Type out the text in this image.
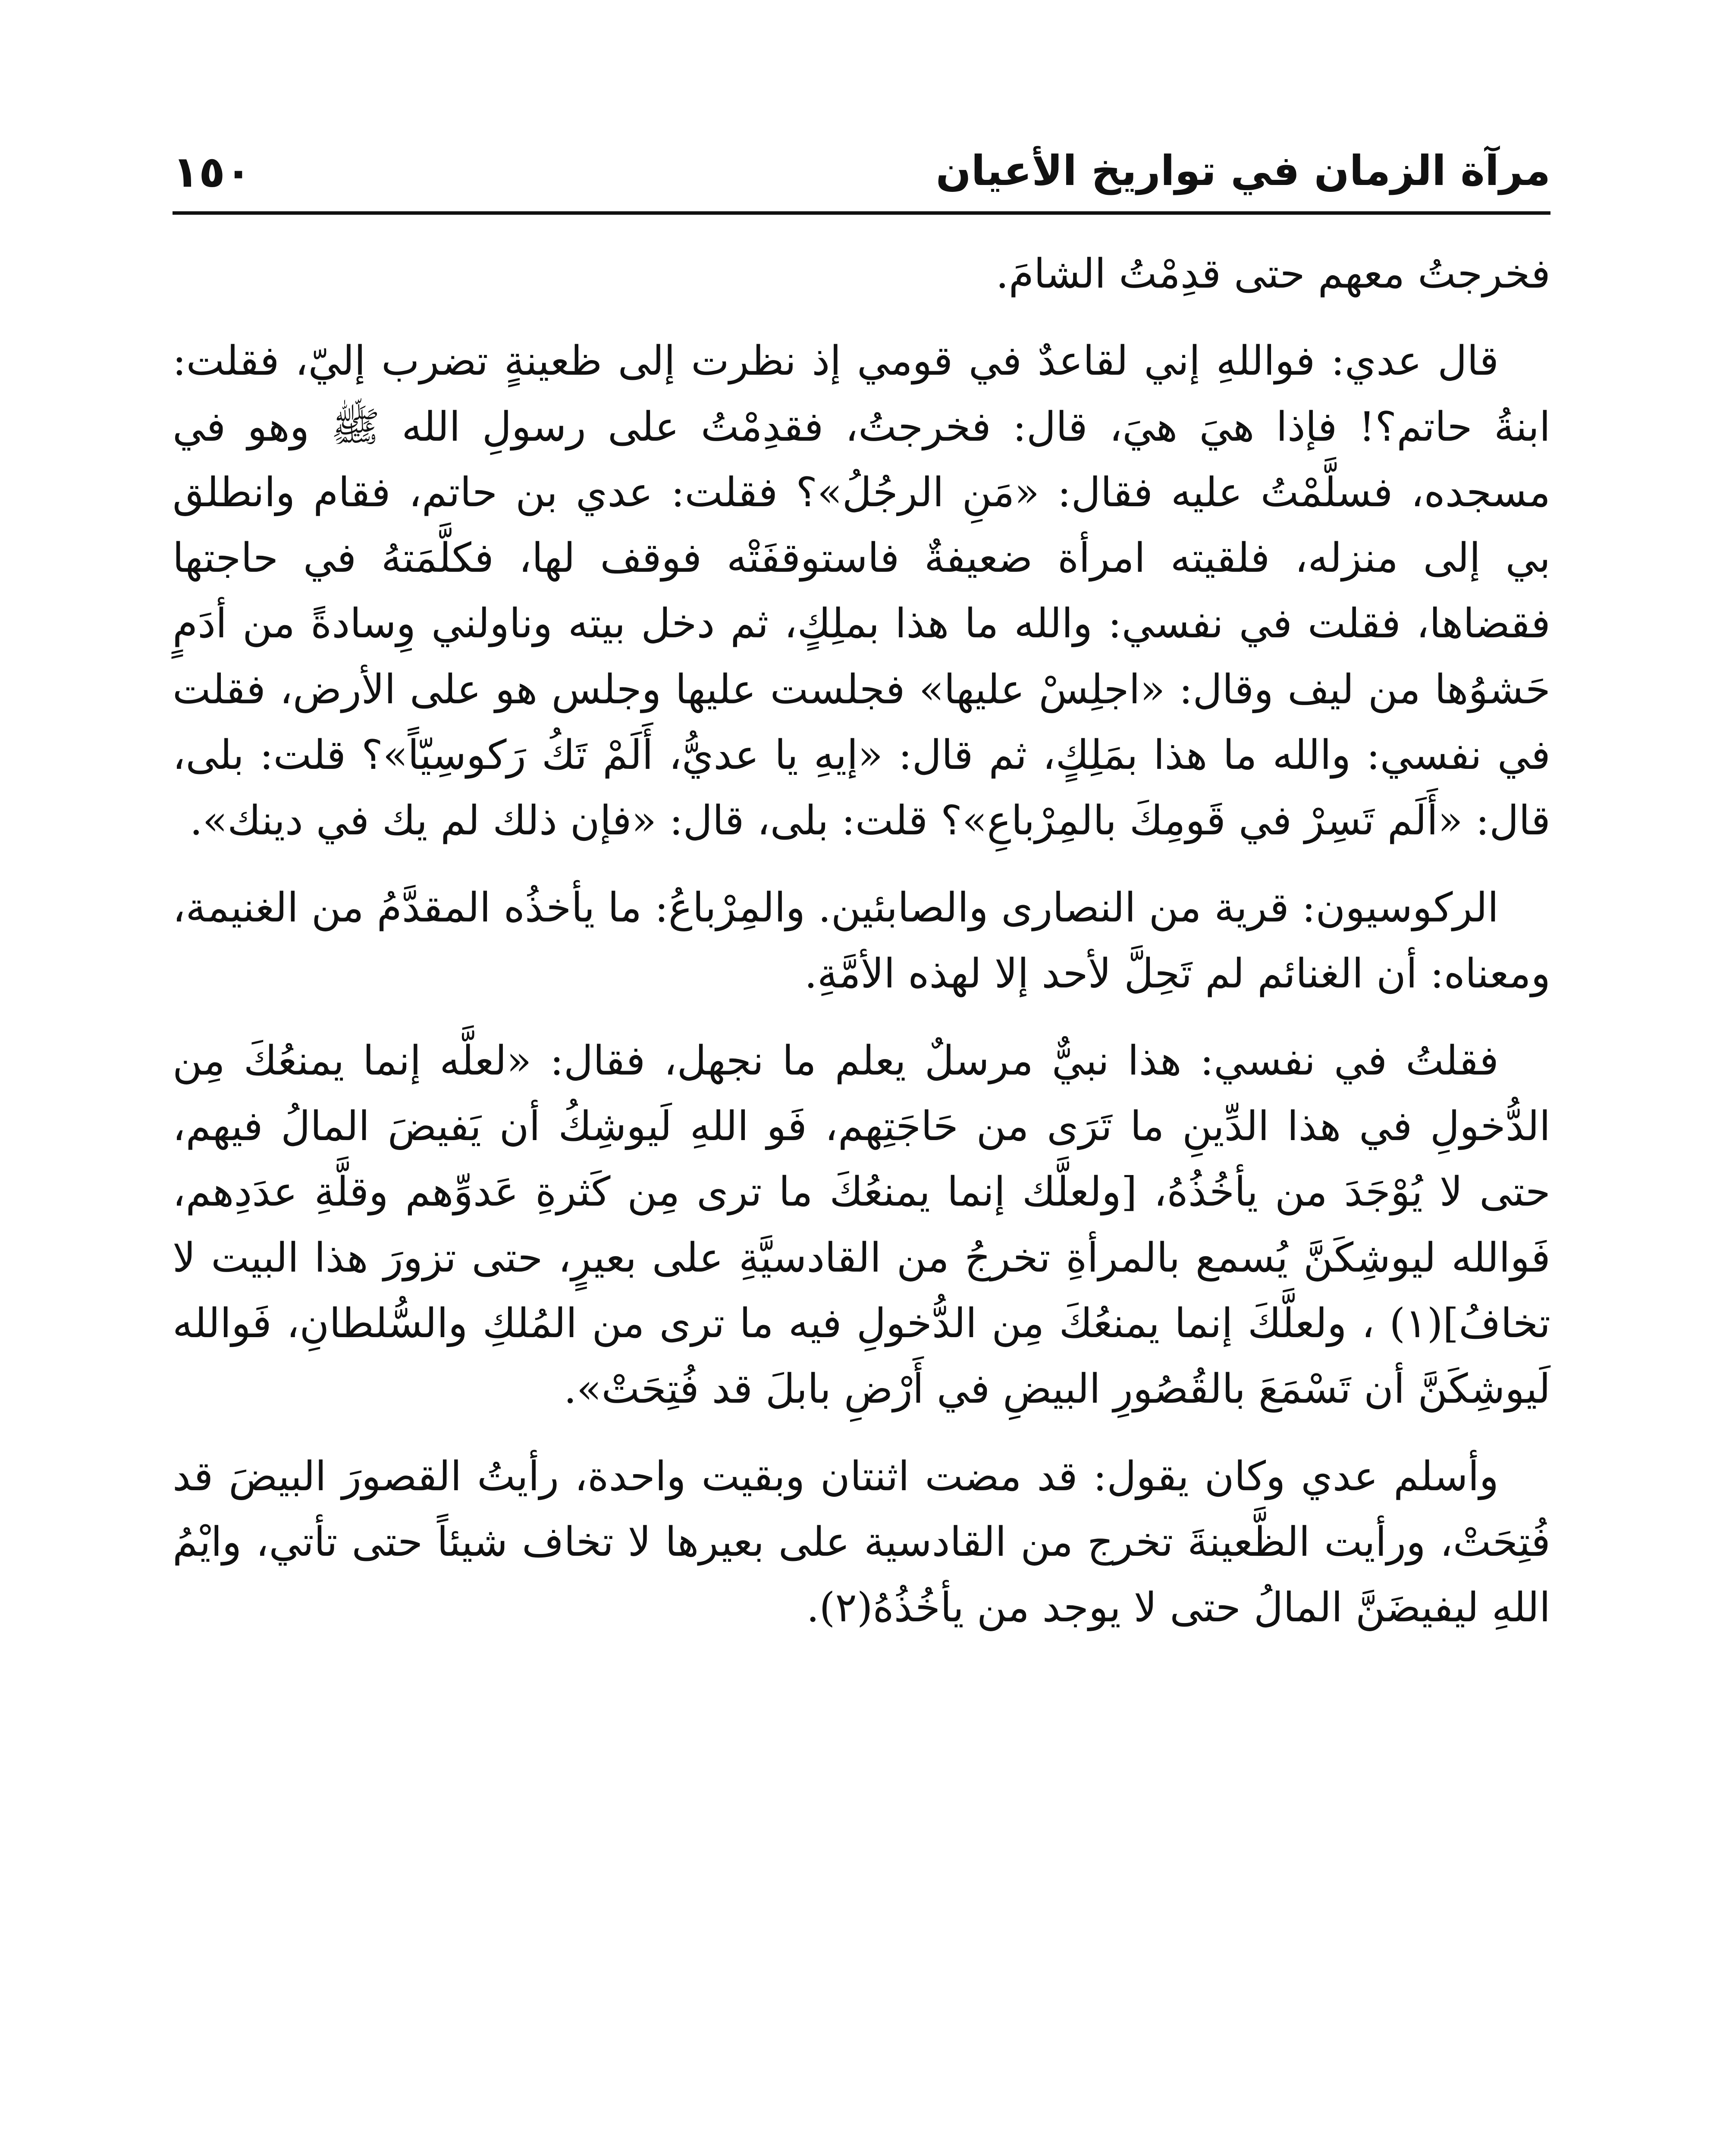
مرآة الزمان في تواريخ الأعيان
١٥٠

فخرجتُ معهم حتى قدِمْتُ الشامَ.

قال عدي: فواللهِ إني لقاعدٌ في قومي إذ نظرت إلى ظعينةٍ تضرب إليّ، فقلت: ابنةُ حاتم؟! فإذا هيَ هيَ، قال: فخرجتُ، فقدِمْتُ على رسولِ الله ﷺ وهو في مسجده، فسلَّمْتُ عليه فقال: «مَنِ الرجُلُ»؟ فقلت: عدي بن حاتم، فقام وانطلق بي إلى منزله، فلقيته امرأة ضعيفةٌ فاستوقفَتْه فوقف لها، فكلَّمَتهُ في حاجتها فقضاها، فقلت في نفسي: والله ما هذا بملِكٍ، ثم دخل بيته وناولني وِسادةً من أدَمٍ حَشوُها من ليف وقال: «اجلِسْ عليها» فجلست عليها وجلس هو على الأرض، فقلت في نفسي: والله ما هذا بمَلِكٍ، ثم قال: «إيهِ يا عديُّ، أَلَمْ تَكُ رَكوسِيّاً»؟ قلت: بلى، قال: «أَلَم تَسِرْ في قَومِكَ بالمِرْباعِ»؟ قلت: بلى، قال: «فإن ذلك لم يك في دينك».

الركوسيون: قرية من النصارى والصابئين. والمِرْباعُ: ما يأخذُه المقدَّمُ من الغنيمة، ومعناه: أن الغنائم لم تَحِلَّ لأحد إلا لهذه الأمَّةِ.

فقلتُ في نفسي: هذا نبيٌّ مرسلٌ يعلم ما نجهل، فقال: «لعلَّه إنما يمنعُكَ مِن الدُّخولِ في هذا الدِّينِ ما تَرَى من حَاجَتِهم، فَو اللهِ لَيوشِكُ أن يَفيضَ المالُ فيهم، حتى لا يُوْجَدَ من يأخُذُهُ، [ولعلَّك إنما يمنعُكَ ما ترى مِن كَثرةِ عَدوِّهم وقلَّةِ عدَدِهم، فَوالله ليوشِكَنَّ يُسمع بالمرأةِ تخرجُ من القادسيَّةِ على بعيرٍ، حتى تزورَ هذا البيت لا تخافُ](١) ، ولعلَّكَ إنما يمنعُكَ مِن الدُّخولِ فيه ما ترى من المُلكِ والسُّلطانِ، فَوالله لَيوشِكَنَّ أن تَسْمَعَ بالقُصُورِ البيضِ في أَرْضِ بابلَ قد فُتِحَتْ».

وأسلم عدي وكان يقول: قد مضت اثنتان وبقيت واحدة، رأيتُ القصورَ البيضَ قد فُتِحَتْ، ورأيت الظَّعينةَ تخرج من القادسية على بعيرها لا تخاف شيئاً حتى تأتي، وايْمُ اللهِ ليفيضَنَّ المالُ حتى لا يوجد من يأخُذُهُ(٢).
